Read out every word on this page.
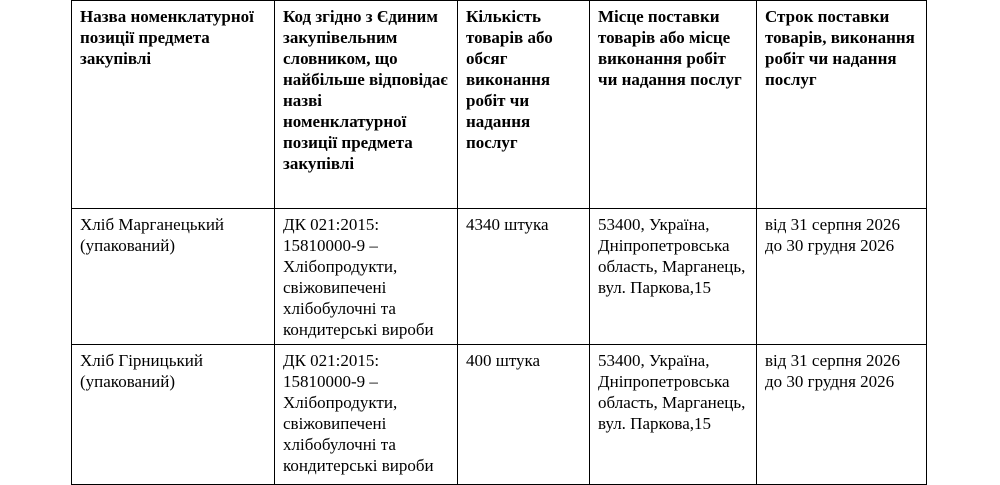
Назва номенклатурної позиції предмета закупівлі	Код згідно з Єдиним закупівельним словником, що найбільше відповідає назві номенклатурної позиції предмета закупівлі	Кількість товарів або обсяг виконання робіт чи надання послуг	Місце поставки товарів або місце виконання робіт чи надання послуг	Строк поставки товарів, виконання робіт чи надання послуг
Хліб Марганецький (упакований)	ДК 021:2015: 15810000-9 – Хлібопродукти, свіжовипечені хлібобулочні та кондитерські вироби	4340 штука	53400, Україна, Дніпропетровська область, Марганець, вул. Паркова,15	від 31 серпня 2026 до 30 грудня 2026
Хліб Гірницький (упакований)	ДК 021:2015: 15810000-9 – Хлібопродукти, свіжовипечені хлібобулочні та кондитерські вироби	400 штука	53400, Україна, Дніпропетровська область, Марганець, вул. Паркова,15	від 31 серпня 2026 до 30 грудня 2026
